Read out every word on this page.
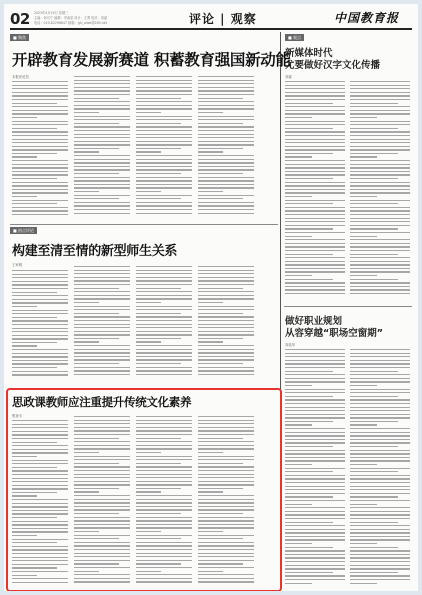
02 2023年4月19日 星期三
主编：何可宁 编辑：李南星 设计：王菁 校对：刘丽
电话：010-82296647 邮箱：jyb_wtzk@263.net	评论 | 观察	中国教育报
■ 聚焦
开辟教育发展新赛道 积蓄教育强国新动能
本报评论员
■ 热点评论
构建至清至情的新型师生关系
王家明
思政课教师应注重提升传统文化素养
熊登丰
■ 观点
新媒体时代
尤要做好汉字文化传播
刘素
做好职业规划
从容穿越“职场空窗期”
刘兆华
